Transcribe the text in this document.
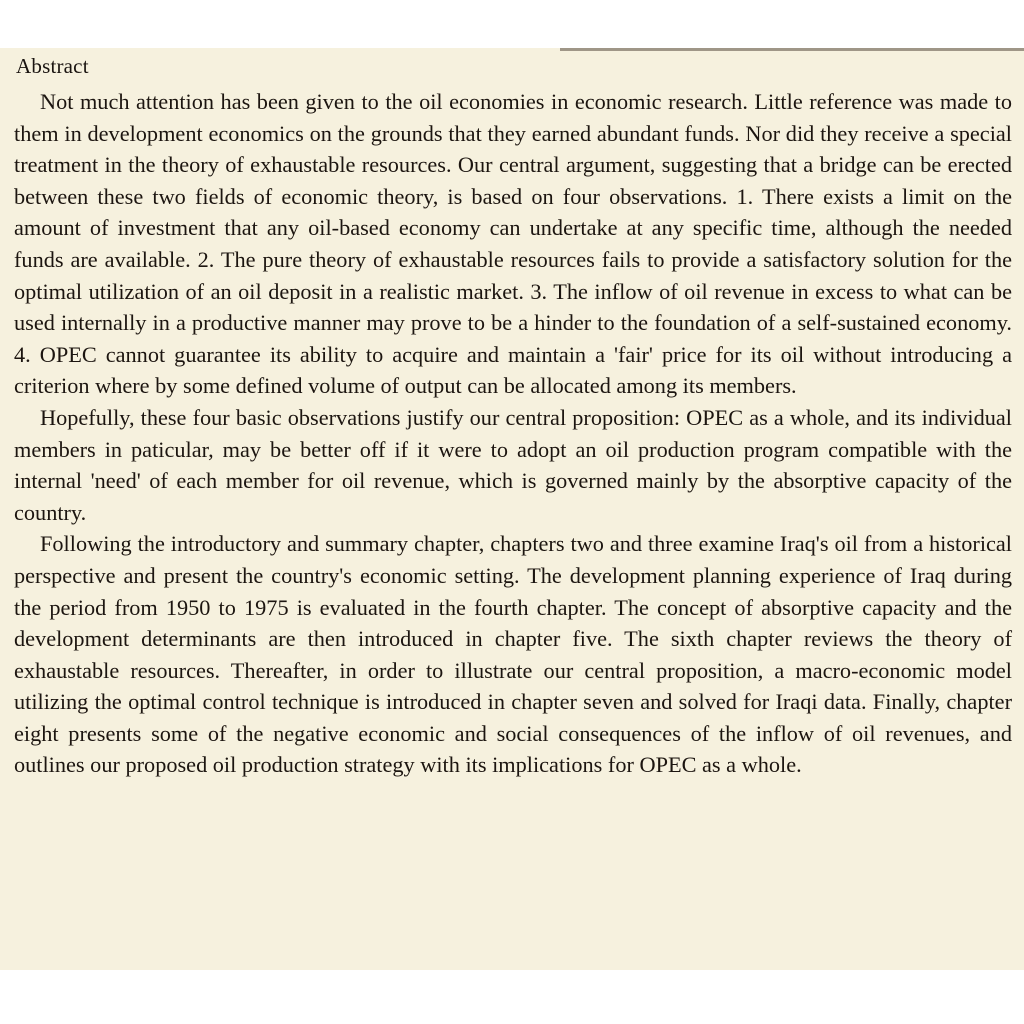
Abstract

Not much attention has been given to the oil economies in economic research. Little reference was made to them in development economics on the grounds that they earned abundant funds. Nor did they receive a special treatment in the theory of exhaustable resources. Our central argument, suggesting that a bridge can be erected between these two fields of economic theory, is based on four observations. 1. There exists a limit on the amount of investment that any oil-based economy can undertake at any specific time, although the needed funds are available. 2. The pure theory of exhaustable resources fails to provide a satisfactory solution for the optimal utilization of an oil deposit in a realistic market. 3. The inflow of oil revenue in excess to what can be used internally in a productive manner may prove to be a hinder to the foundation of a self-sustained economy. 4. OPEC cannot guarantee its ability to acquire and maintain a 'fair' price for its oil without introducing a criterion where by some defined volume of output can be allocated among its members.

Hopefully, these four basic observations justify our central proposition: OPEC as a whole, and its individual members in paticular, may be better off if it were to adopt an oil production program compatible with the internal 'need' of each member for oil revenue, which is governed mainly by the absorptive capacity of the country.

Following the introductory and summary chapter, chapters two and three examine Iraq's oil from a historical perspective and present the country's economic setting. The development planning experience of Iraq during the period from 1950 to 1975 is evaluated in the fourth chapter. The concept of absorptive capacity and the development determinants are then introduced in chapter five. The sixth chapter reviews the theory of exhaustable resources. Thereafter, in order to illustrate our central proposition, a macro-economic model utilizing the optimal control technique is introduced in chapter seven and solved for Iraqi data. Finally, chapter eight presents some of the negative economic and social consequences of the inflow of oil revenues, and outlines our proposed oil production strategy with its implications for OPEC as a whole.
